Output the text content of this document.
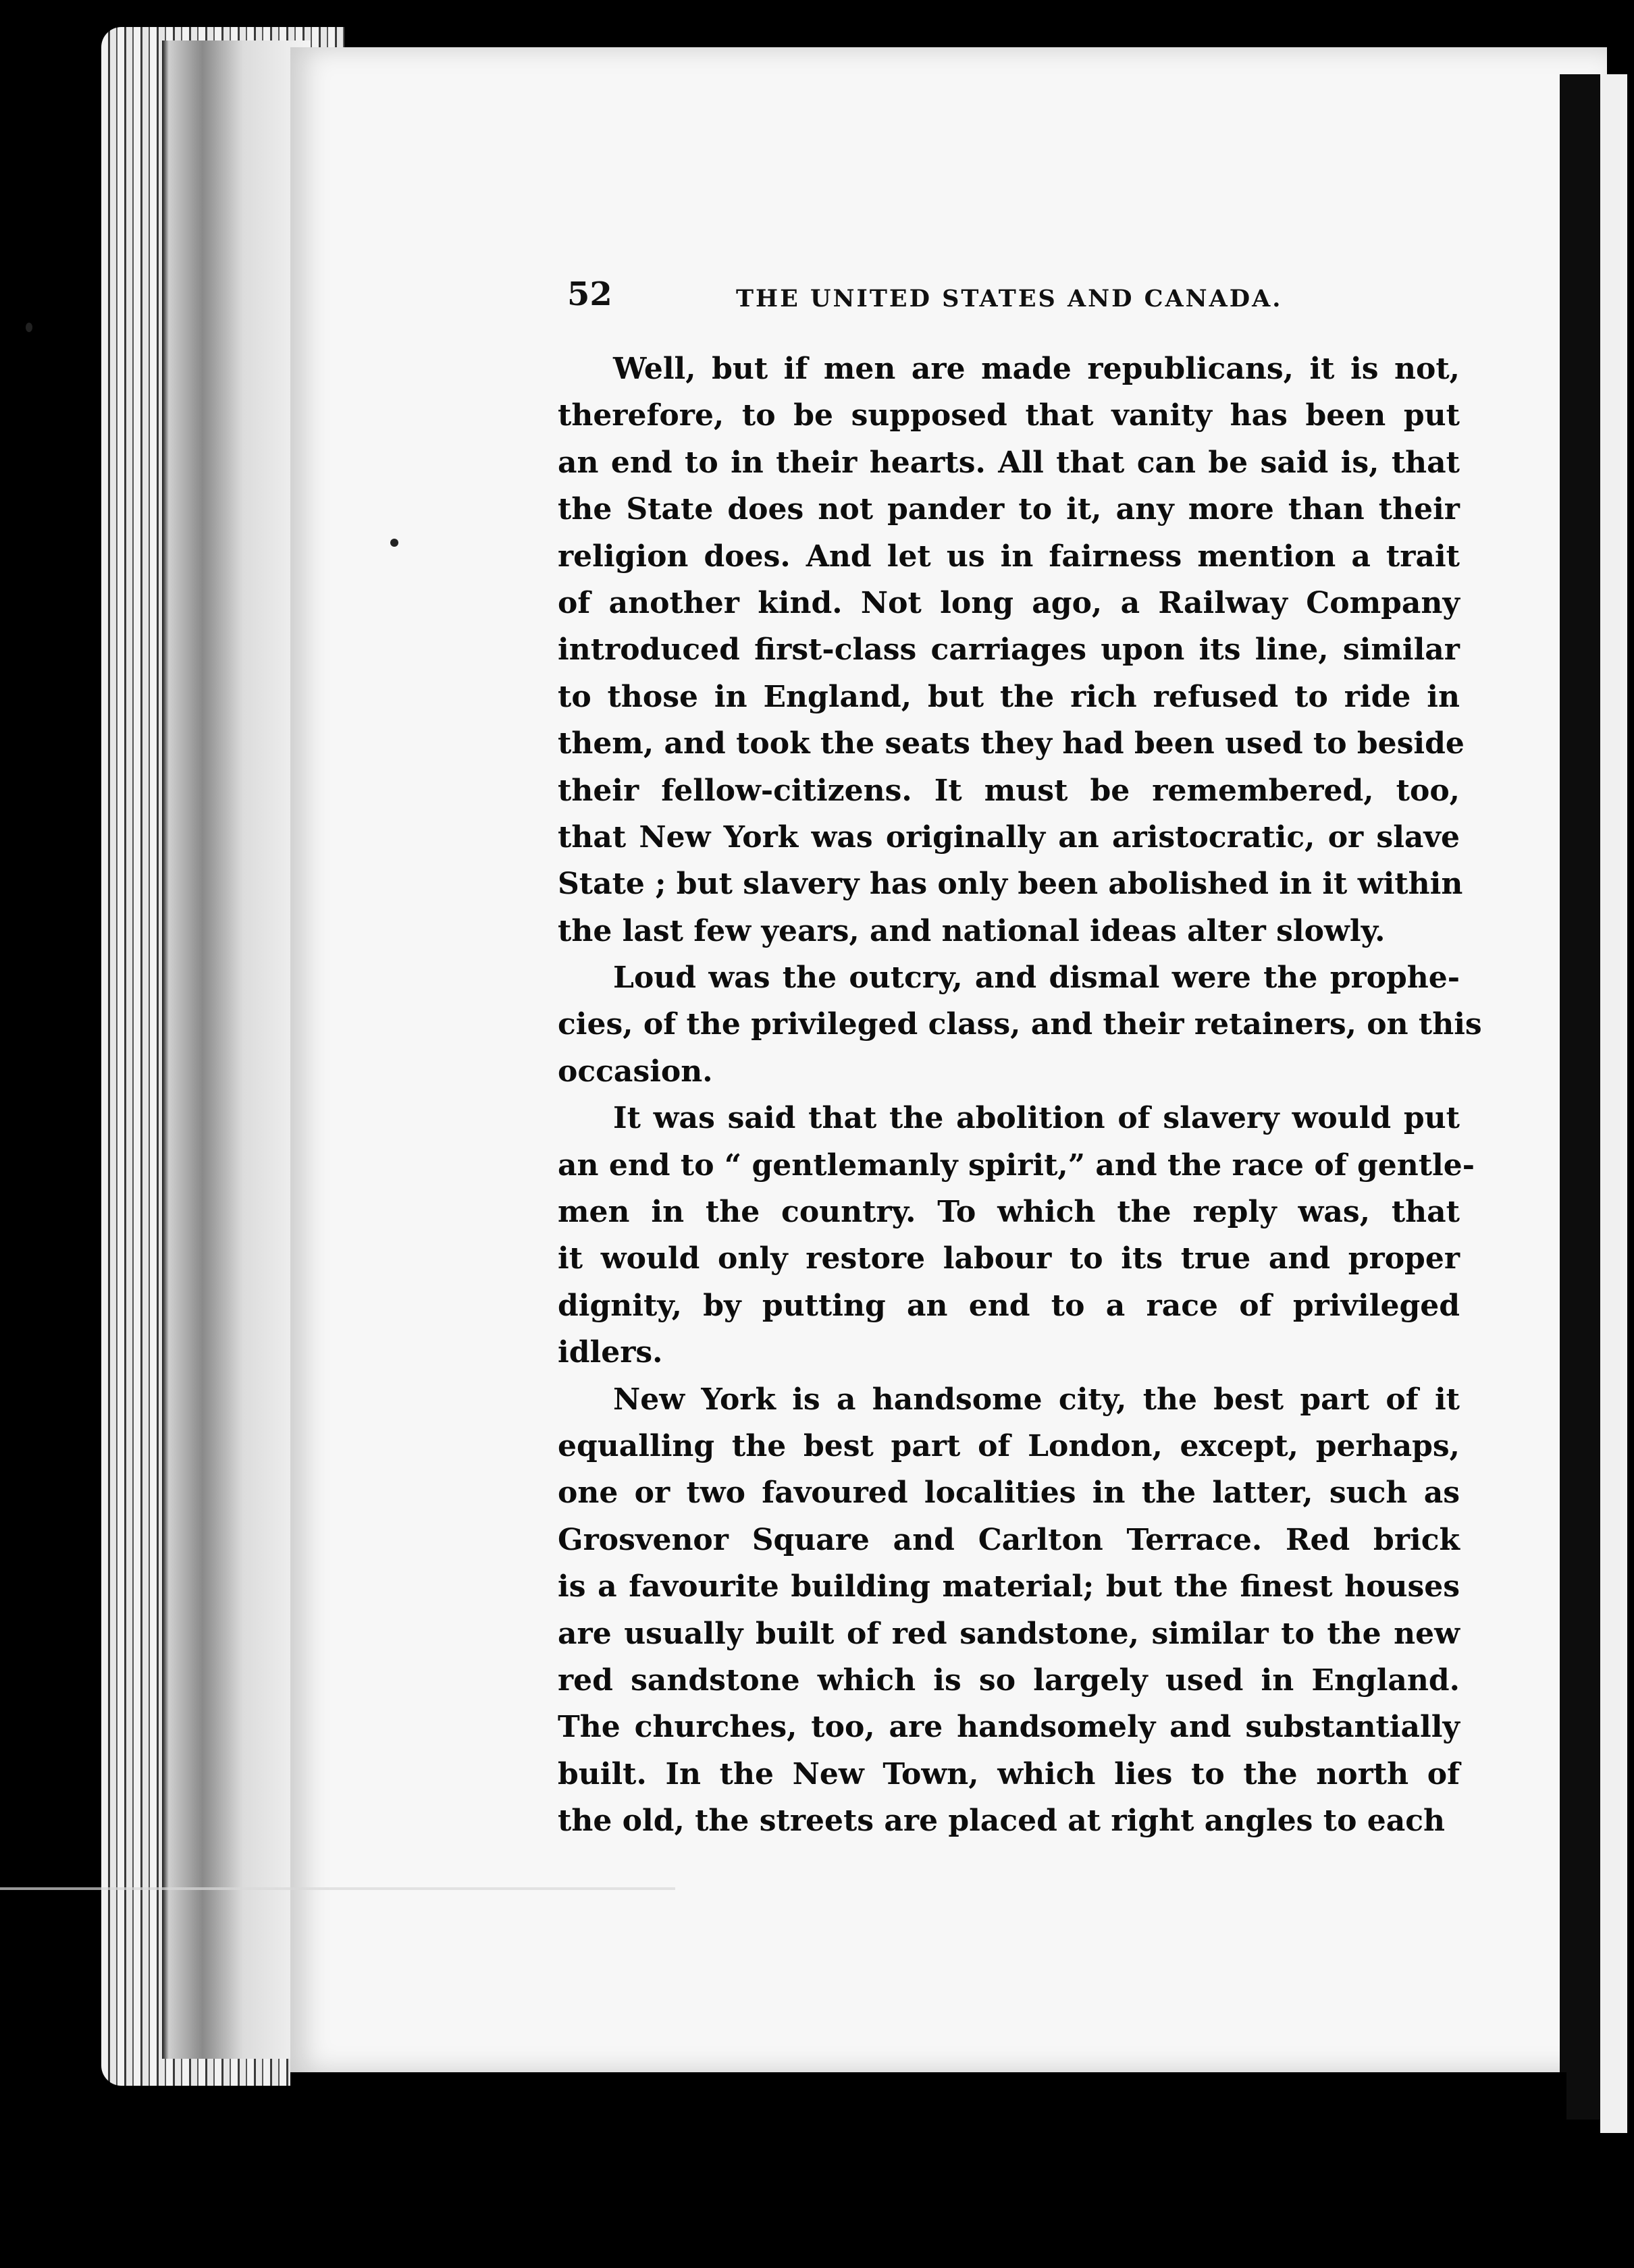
52	THE UNITED STATES AND CANADA.
Well, but if men are made republicans, it is not,
therefore, to be supposed that vanity has been put
an end to in their hearts. All that can be said is, that
the State does not pander to it, any more than their
religion does. And let us in fairness mention a trait
of another kind. Not long ago, a Railway Company
introduced first-class carriages upon its line, similar
to those in England, but the rich refused to ride in
them, and took the seats they had been used to beside
their fellow-citizens. It must be remembered, too,
that New York was originally an aristocratic, or slave
State ; but slavery has only been abolished in it within
the last few years, and national ideas alter slowly.
Loud was the outcry, and dismal were the prophe-
cies, of the privileged class, and their retainers, on this
occasion.
It was said that the abolition of slavery would put
an end to “ gentlemanly spirit,” and the race of gentle-
men in the country. To which the reply was, that
it would only restore labour to its true and proper
dignity, by putting an end to a race of privileged
idlers.
New York is a handsome city, the best part of it
equalling the best part of London, except, perhaps,
one or two favoured localities in the latter, such as
Grosvenor Square and Carlton Terrace. Red brick
is a favourite building material; but the finest houses
are usually built of red sandstone, similar to the new
red sandstone which is so largely used in England.
The churches, too, are handsomely and substantially
built. In the New Town, which lies to the north of
the old, the streets are placed at right angles to each
